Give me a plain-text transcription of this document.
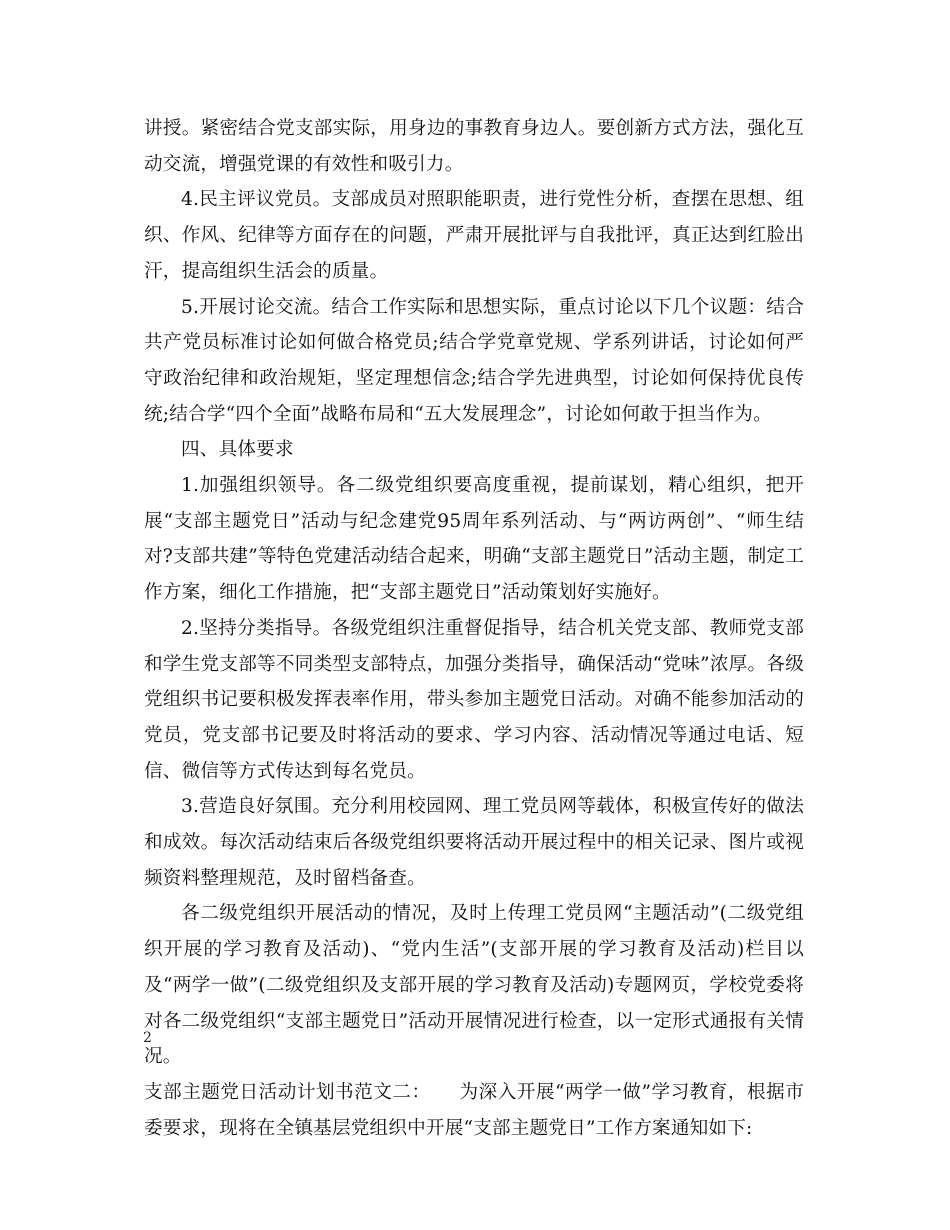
讲授。紧密结合党支部实际，用身边的事教育身边人。要创新方式方法，强化互动交流，增强党课的有效性和吸引力。

4.民主评议党员。支部成员对照职能职责，进行党性分析，查摆在思想、组织、作风、纪律等方面存在的问题，严肃开展批评与自我批评，真正达到红脸出汗，提高组织生活会的质量。

5.开展讨论交流。结合工作实际和思想实际，重点讨论以下几个议题：结合共产党员标准讨论如何做合格党员;结合学党章党规、学系列讲话，讨论如何严守政治纪律和政治规矩，坚定理想信念;结合学先进典型，讨论如何保持优良传统;结合学“四个全面”战略布局和“五大发展理念”，讨论如何敢于担当作为。

四、具体要求

1.加强组织领导。各二级党组织要高度重视，提前谋划，精心组织，把开展“支部主题党日”活动与纪念建党95周年系列活动、与“两访两创”、“师生结对?支部共建”等特色党建活动结合起来，明确“支部主题党日”活动主题，制定工作方案，细化工作措施，把“支部主题党日”活动策划好实施好。

2.坚持分类指导。各级党组织注重督促指导，结合机关党支部、教师党支部和学生党支部等不同类型支部特点，加强分类指导，确保活动“党味”浓厚。各级党组织书记要积极发挥表率作用，带头参加主题党日活动。对确不能参加活动的党员，党支部书记要及时将活动的要求、学习内容、活动情况等通过电话、短信、微信等方式传达到每名党员。

3.营造良好氛围。充分利用校园网、理工党员网等载体，积极宣传好的做法和成效。每次活动结束后各级党组织要将活动开展过程中的相关记录、图片或视频资料整理规范，及时留档备查。

各二级党组织开展活动的情况，及时上传理工党员网“主题活动”(二级党组织开展的学习教育及活动)、“党内生活”(支部开展的学习教育及活动)栏目以及“两学一做”(二级党组织及支部开展的学习教育及活动)专题网页，学校党委将对各二级党组织“支部主题党日”活动开展情况进行检查，以一定形式通报有关情况。

支部主题党日活动计划书范文二：　　为深入开展“两学一做”学习教育，根据市委要求，现将在全镇基层党组织中开展“支部主题党日”工作方案通知如下:

2
